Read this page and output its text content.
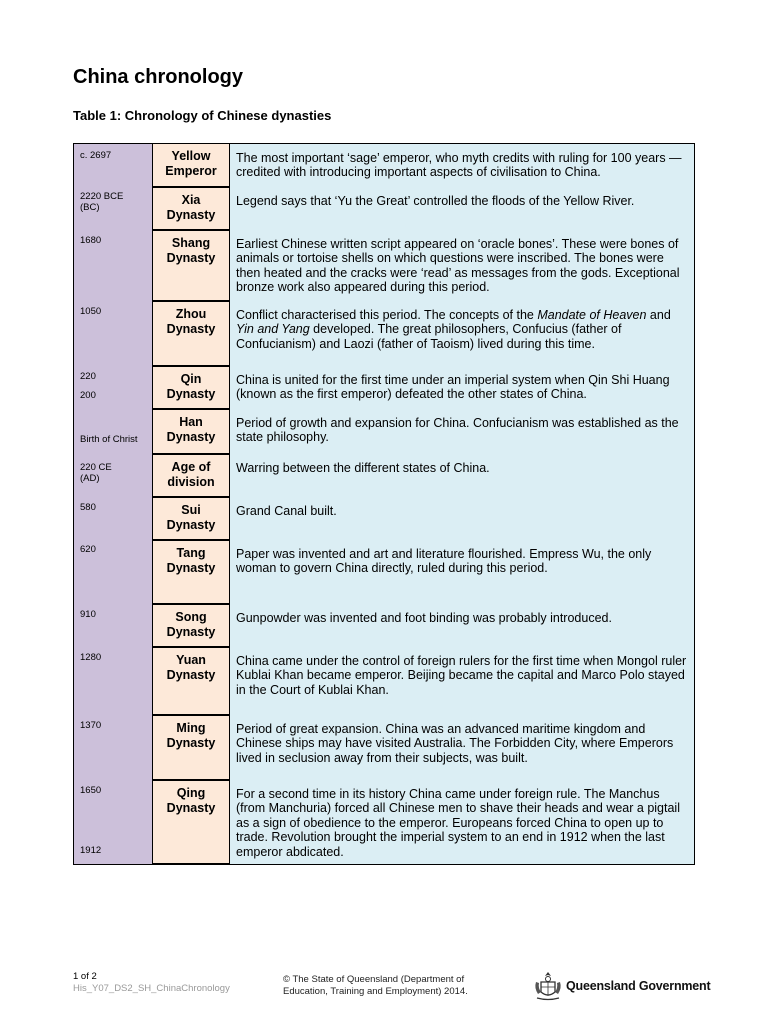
China chronology
Table 1: Chronology of Chinese dynasties
c. 2697
2220 BCE
(BC)
1680
1050
220
200
Birth of Christ
220 CE
(AD)
580
620
910
1280
1370
1650
1912
Yellow
Emperor
The most important ‘sage’ emperor, who myth credits with ruling for 100 years — credited with introducing important aspects of civilisation to China.
Xia
Dynasty
Legend says that ‘Yu the Great’ controlled the floods of the Yellow River.
Shang
Dynasty
Earliest Chinese written script appeared on ‘oracle bones’. These were bones of animals or tortoise shells on which questions were inscribed. The bones were then heated and the cracks were ‘read’ as messages from the gods. Exceptional bronze work also appeared during this period.
Zhou
Dynasty
Conflict characterised this period. The concepts of the Mandate of Heaven and Yin and Yang developed. The great philosophers, Confucius (father of Confucianism) and Laozi (father of Taoism) lived during this time.
Qin
Dynasty
China is united for the first time under an imperial system when Qin Shi Huang (known as the first emperor) defeated the other states of China.
Han
Dynasty
Period of growth and expansion for China. Confucianism was established as the state philosophy.
Age of
division
Warring between the different states of China.
Sui
Dynasty
Grand Canal built.
Tang
Dynasty
Paper was invented and art and literature flourished. Empress Wu, the only woman to govern China directly, ruled during this period.
Song
Dynasty
Gunpowder was invented and foot binding was probably introduced.
Yuan
Dynasty
China came under the control of foreign rulers for the first time when Mongol ruler Kublai Khan became emperor. Beijing became the capital and Marco Polo stayed in the Court of Kublai Khan.
Ming
Dynasty
Period of great expansion. China was an advanced maritime kingdom and Chinese ships may have visited Australia. The Forbidden City, where Emperors lived in seclusion away from their subjects, was built.
Qing
Dynasty
For a second time in its history China came under foreign rule. The Manchus (from Manchuria) forced all Chinese men to shave their heads and wear a pigtail as a sign of obedience to the emperor. Europeans forced China to open up to trade. Revolution brought the imperial system to an end in 1912 when the last emperor abdicated.
1 of 2
His_Y07_DS2_SH_ChinaChronology
© The State of Queensland (Department of Education, Training and Employment) 2014.	Queensland Government
